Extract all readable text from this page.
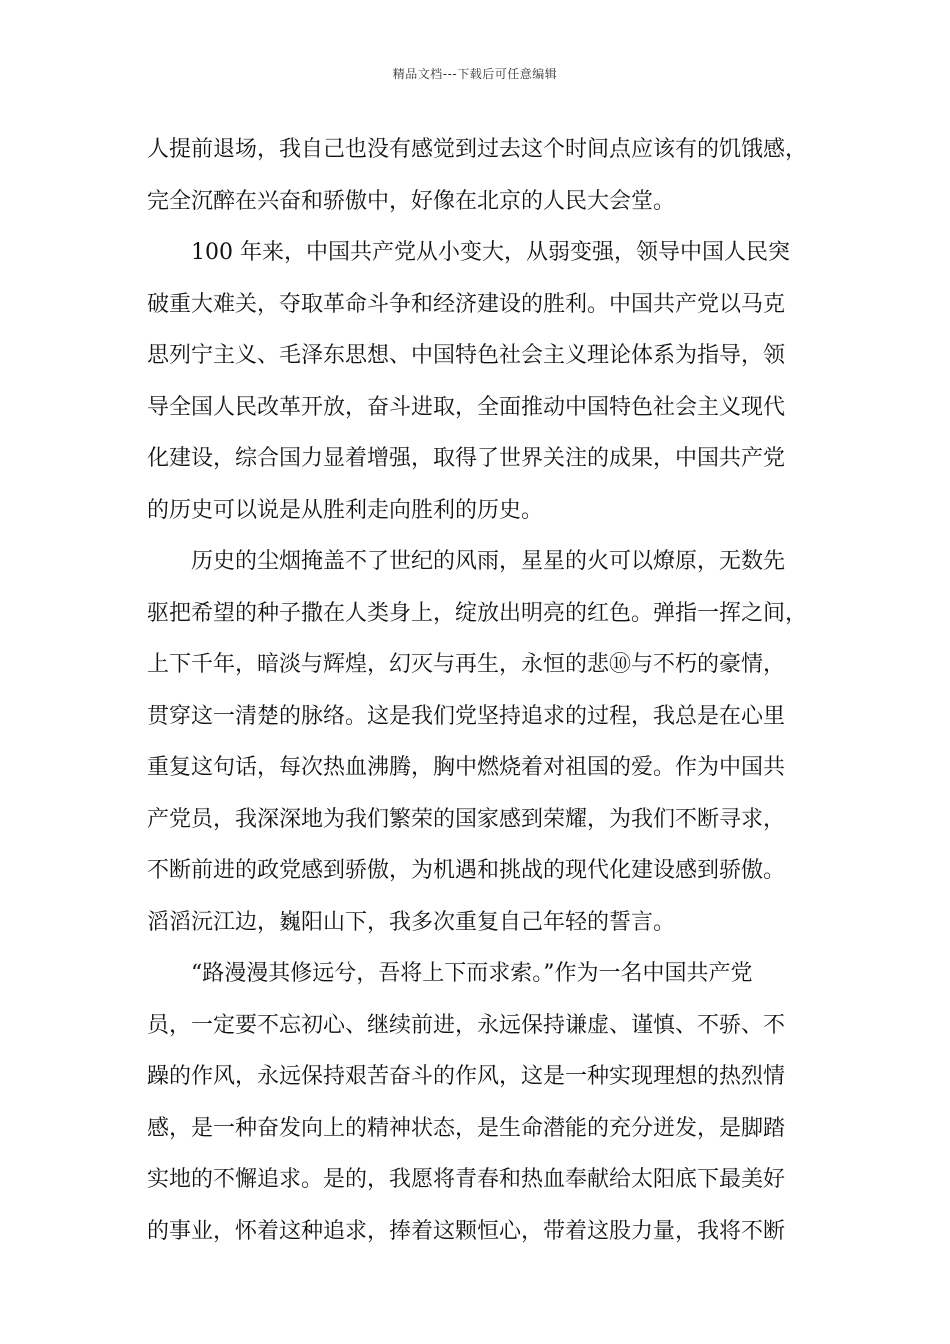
精品文档---下载后可任意编辑
人提前退场，我自己也没有感觉到过去这个时间点应该有的饥饿感，
完全沉醉在兴奋和骄傲中，好像在北京的人民大会堂。
100 年来，中国共产党从小变大，从弱变强，领导中国人民突
破重大难关，夺取革命斗争和经济建设的胜利。中国共产党以马克
思列宁主义、毛泽东思想、中国特色社会主义理论体系为指导，领
导全国人民改革开放，奋斗进取，全面推动中国特色社会主义现代
化建设，综合国力显着增强，取得了世界关注的成果，中国共产党
的历史可以说是从胜利走向胜利的历史。
历史的尘烟掩盖不了世纪的风雨，星星的火可以燎原，无数先
驱把希望的种子撒在人类身上，绽放出明亮的红色。弹指一挥之间，
上下千年，暗淡与辉煌，幻灭与再生，永恒的悲⑩与不朽的豪情，
贯穿这一清楚的脉络。这是我们党坚持追求的过程，我总是在心里
重复这句话，每次热血沸腾，胸中燃烧着对祖国的爱。作为中国共
产党员，我深深地为我们繁荣的国家感到荣耀，为我们不断寻求，
不断前进的政党感到骄傲，为机遇和挑战的现代化建设感到骄傲。
滔滔沅江边，巍阳山下，我多次重复自己年轻的誓言。
“路漫漫其修远兮，吾将上下而求索。”作为一名中国共产党
员，一定要不忘初心、继续前进，永远保持谦虚、谨慎、不骄、不
躁的作风，永远保持艰苦奋斗的作风，这是一种实现理想的热烈情
感，是一种奋发向上的精神状态，是生命潜能的充分迸发，是脚踏
实地的不懈追求。是的，我愿将青春和热血奉献给太阳底下最美好
的事业，怀着这种追求，捧着这颗恒心，带着这股力量，我将不断
